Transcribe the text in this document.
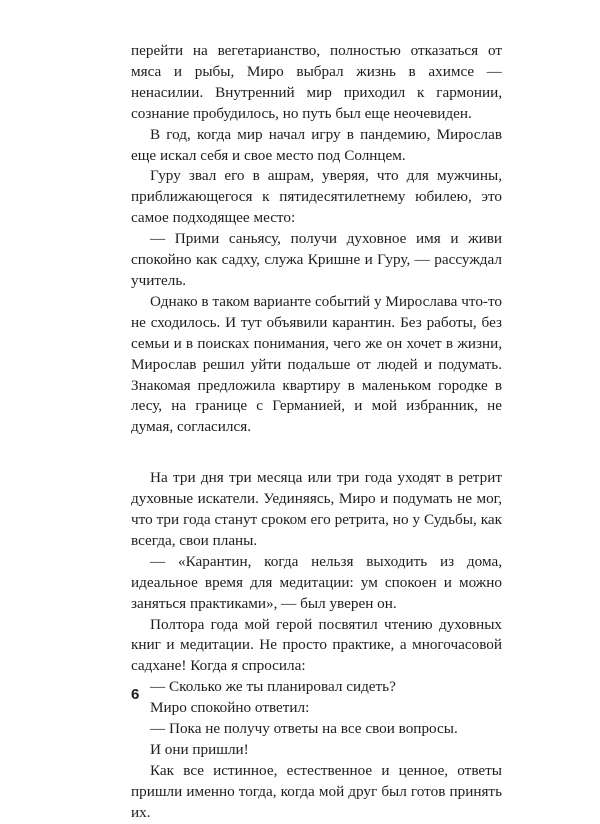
перейти на вегетарианство, полностью отказаться от мяса и рыбы, Миро выбрал жизнь в ахимсе — ненасилии. Внутренний мир приходил к гармонии, сознание пробудилось, но путь был еще неочевиден.

В год, когда мир начал игру в пандемию, Мирослав еще искал себя и свое место под Солнцем.

Гуру звал его в ашрам, уверяя, что для мужчины, приближающегося к пятидесятилетнему юбилею, это самое подходящее место:

— Прими саньясу, получи духовное имя и живи спокойно как садху, служа Кришне и Гуру, — рассуждал учитель.

Однако в таком варианте событий у Мирослава что-то не сходилось. И тут объявили карантин. Без работы, без семьи и в поисках понимания, чего же он хочет в жизни, Мирослав решил уйти подальше от людей и подумать. Знакомая предложила квартиру в маленьком городке в лесу, на границе с Германией, и мой избранник, не думая, согласился.

На три дня три месяца или три года уходят в ретрит духовные искатели. Уединяясь, Миро и подумать не мог, что три года станут сроком его ретрита, но у Судьбы, как всегда, свои планы.

— «Карантин, когда нельзя выходить из дома, идеальное время для медитации: ум спокоен и можно заняться практиками», — был уверен он.

Полтора года мой герой посвятил чтению духовных книг и медитации. Не просто практике, а многочасовой садхане! Когда я спросила:

— Сколько же ты планировал сидеть?

Миро спокойно ответил:

— Пока не получу ответы на все свои вопросы.

И они пришли!

Как все истинное, естественное и ценное, ответы пришли именно тогда, когда мой друг был готов принять их.

6
